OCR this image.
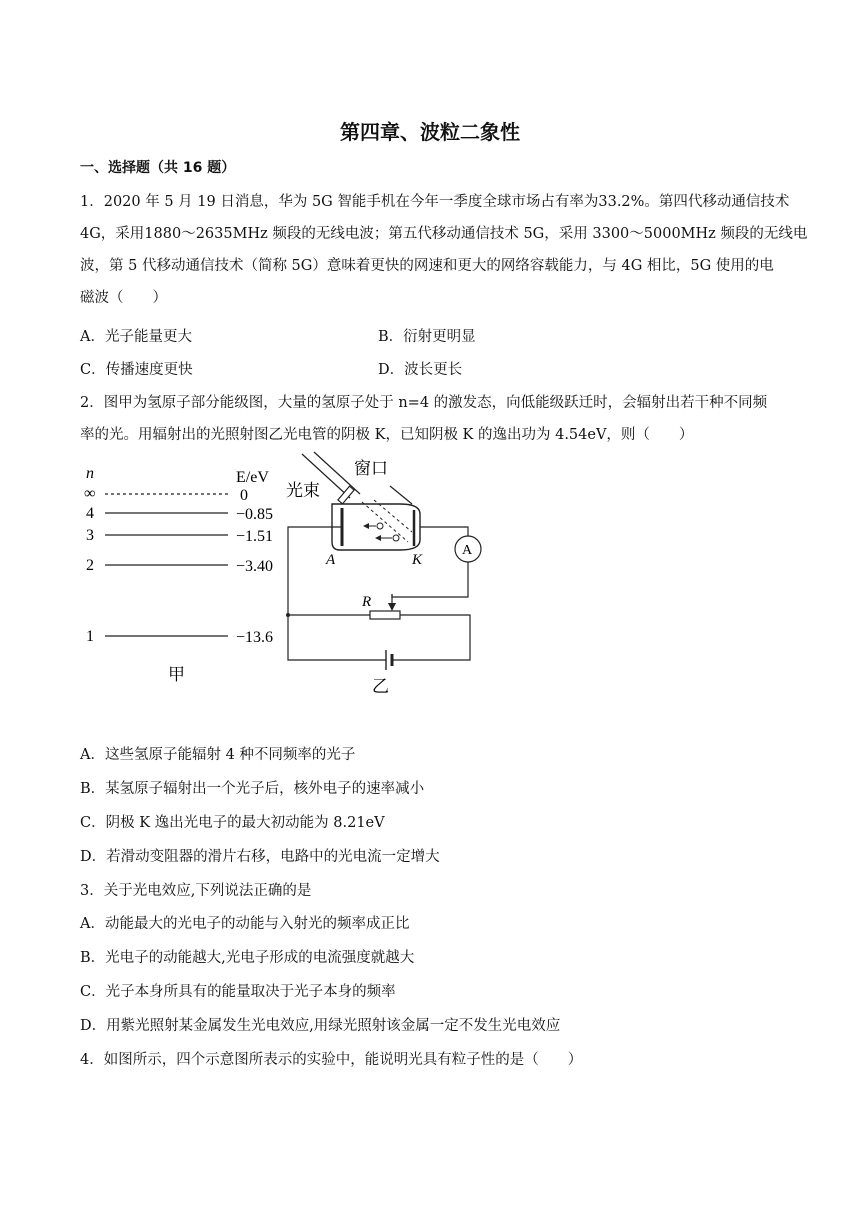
第四章、波粒二象性
一、选择题（共 16 题）
1．2020 年 5 月 19 日消息，华为 5G 智能手机在今年一季度全球市场占有率为33.2%。第四代移动通信技术
4G，采用1880～2635MHz 频段的无线电波；第五代移动通信技术 5G，采用 3300～5000MHz 频段的无线电
波，第 5 代移动通信技术（简称 5G）意味着更快的网速和更大的网络容载能力，与 4G 相比，5G 使用的电
磁波（　　）
A．光子能量更大	B．衍射更明显
C．传播速度更快	D．波长更长
2．图甲为氢原子部分能级图，大量的氢原子处于 n=4 的激发态，向低能级跃迁时，会辐射出若干种不同频
率的光。用辐射出的光照射图乙光电管的阴极 K，已知阴极 K 的逸出功为 4.54eV，则（　　）
n	E/eV
∞	0
4	−0.85
3	−1.51
2	−3.40
1	−13.6
甲
光束
窗口
A	K
A
R
乙
A．这些氢原子能辐射 4 种不同频率的光子
B．某氢原子辐射出一个光子后，核外电子的速率减小
C．阴极 K 逸出光电子的最大初动能为 8.21eV
D．若滑动变阻器的滑片右移，电路中的光电流一定增大
3．关于光电效应,下列说法正确的是
A．动能最大的光电子的动能与入射光的频率成正比
B．光电子的动能越大,光电子形成的电流强度就越大
C．光子本身所具有的能量取决于光子本身的频率
D．用紫光照射某金属发生光电效应,用绿光照射该金属一定不发生光电效应
4．如图所示，四个示意图所表示的实验中，能说明光具有粒子性的是（　　）
